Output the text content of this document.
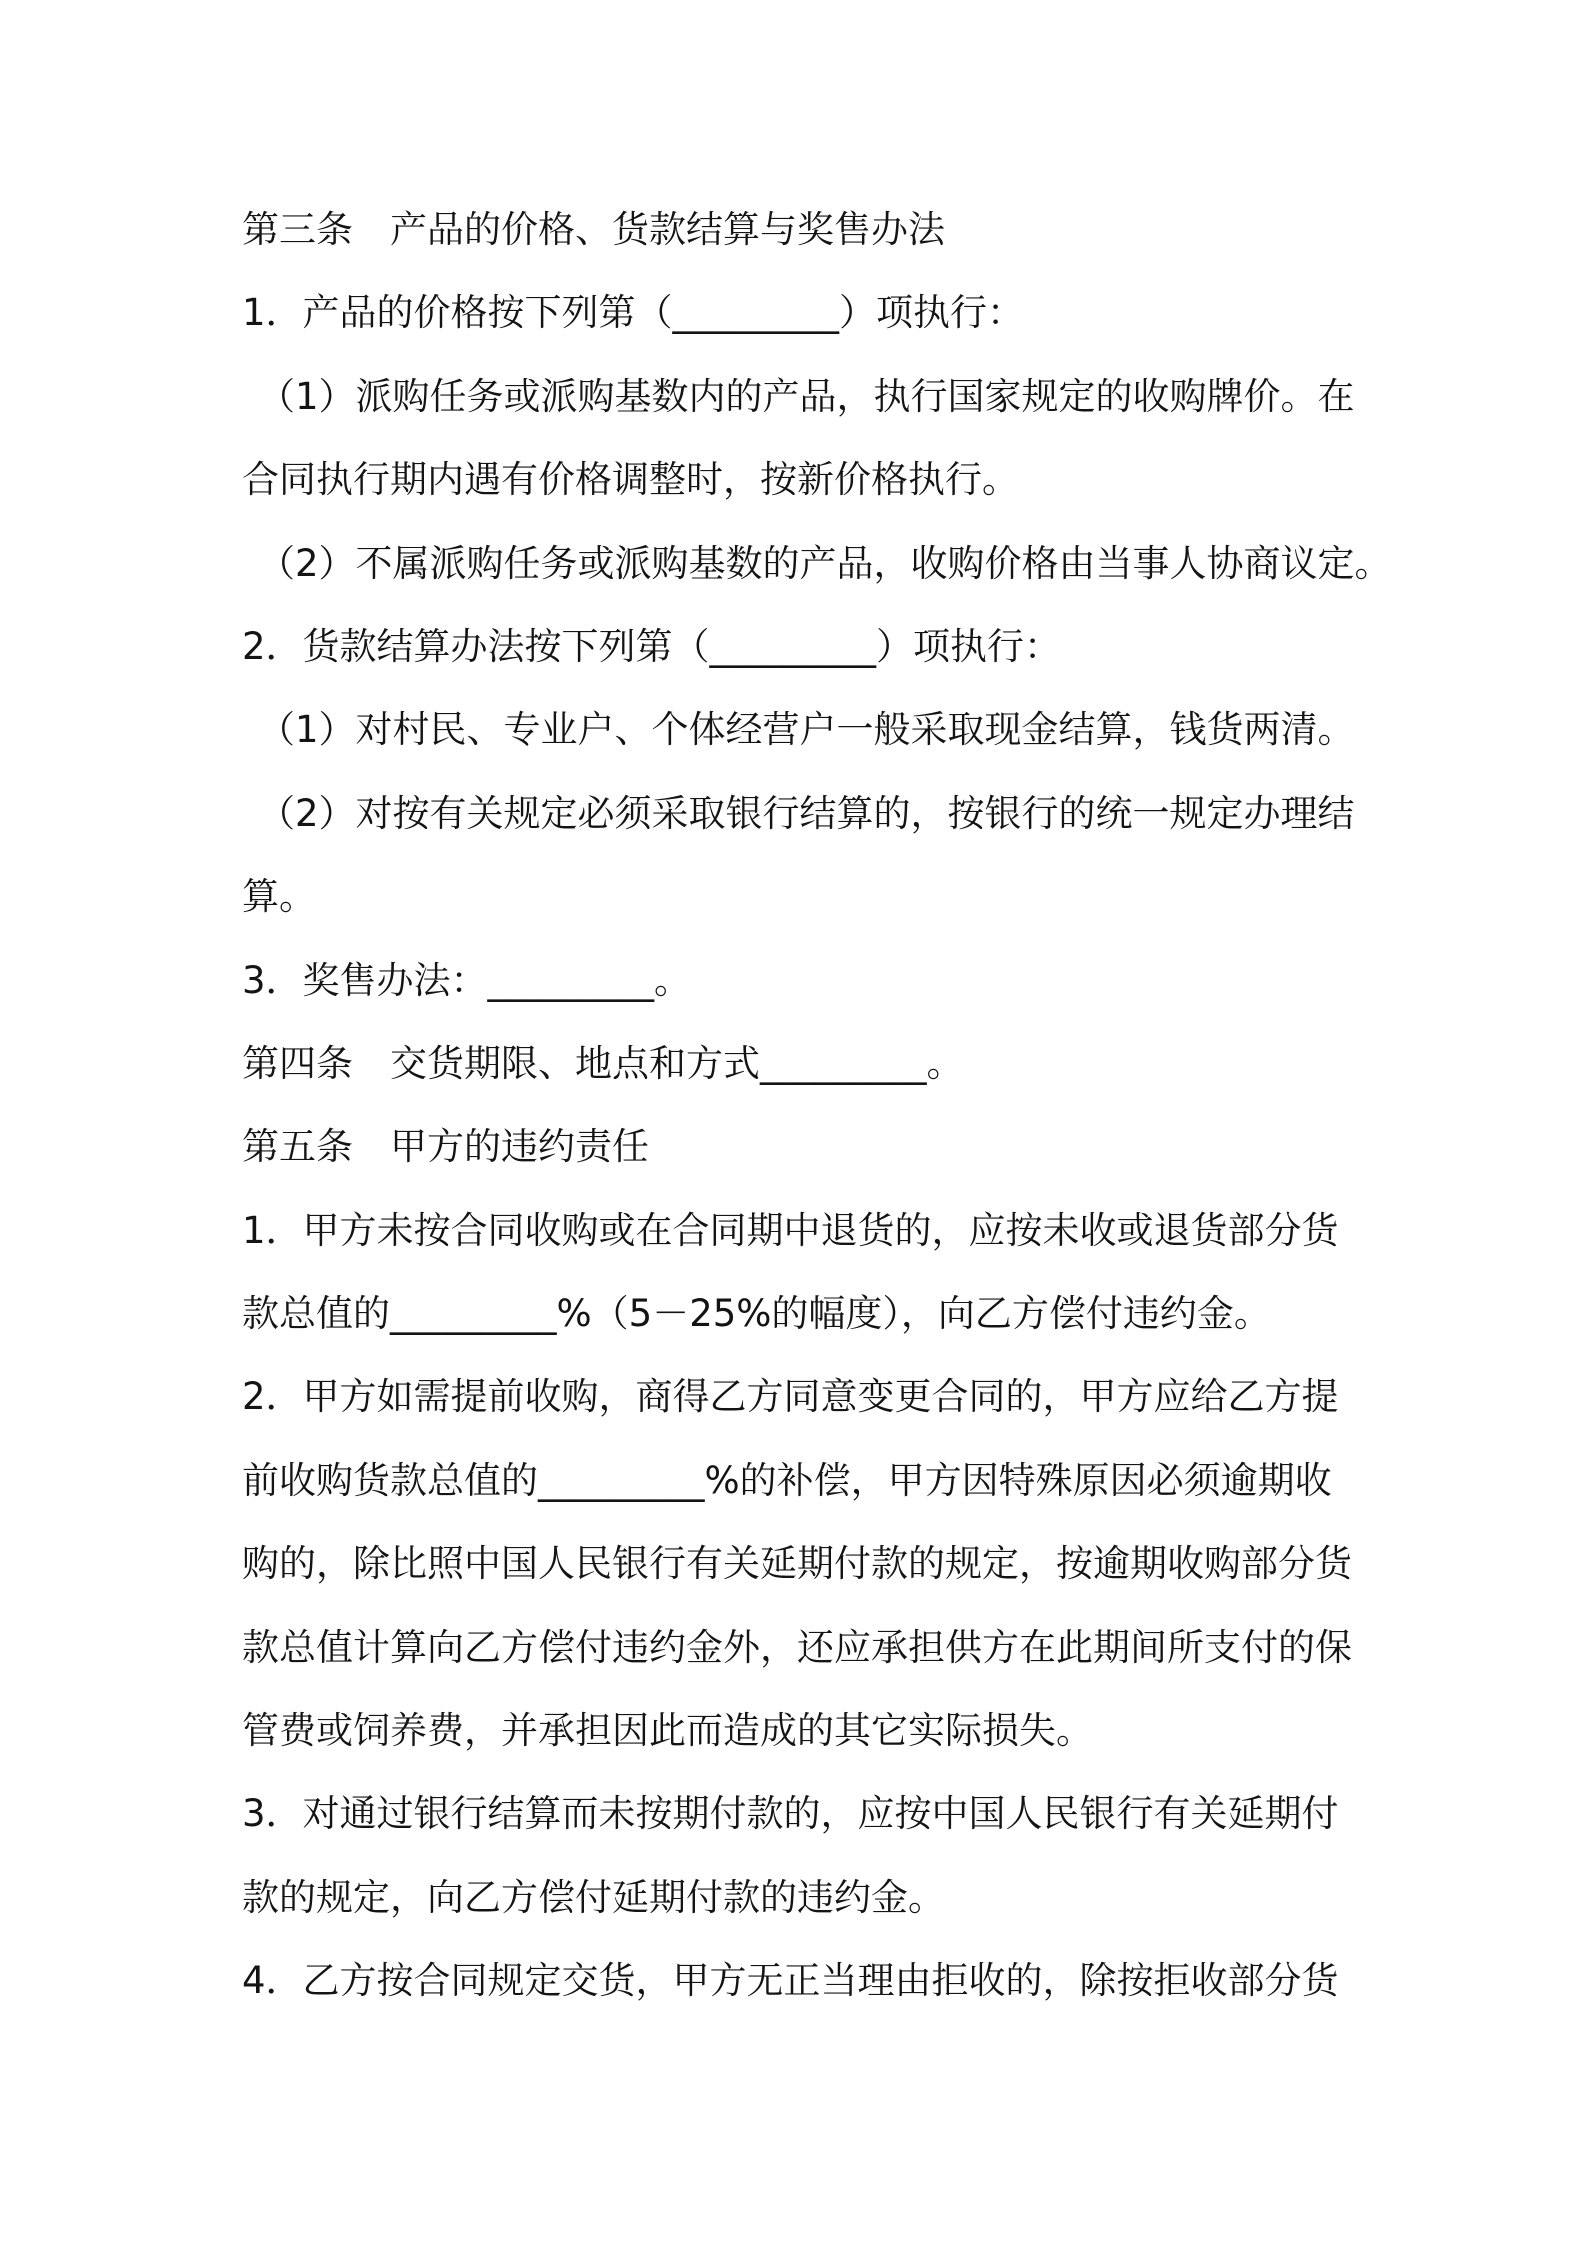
第三条　产品的价格、货款结算与奖售办法
1．产品的价格按下列第（_________）项执行：
（1）派购任务或派购基数内的产品，执行国家规定的收购牌价。在
合同执行期内遇有价格调整时，按新价格执行。
（2）不属派购任务或派购基数的产品，收购价格由当事人协商议定。
2．货款结算办法按下列第（_________）项执行：
（1）对村民、专业户、个体经营户一般采取现金结算，钱货两清。
（2）对按有关规定必须采取银行结算的，按银行的统一规定办理结
算。
3．奖售办法：_________。
第四条　交货期限、地点和方式_________。
第五条　甲方的违约责任
1．甲方未按合同收购或在合同期中退货的，应按未收或退货部分货
款总值的_________%（5－25%的幅度），向乙方偿付违约金。
2．甲方如需提前收购，商得乙方同意变更合同的，甲方应给乙方提
前收购货款总值的_________%的补偿，甲方因特殊原因必须逾期收
购的，除比照中国人民银行有关延期付款的规定，按逾期收购部分货
款总值计算向乙方偿付违约金外，还应承担供方在此期间所支付的保
管费或饲养费，并承担因此而造成的其它实际损失。
3．对通过银行结算而未按期付款的，应按中国人民银行有关延期付
款的规定，向乙方偿付延期付款的违约金。
4．乙方按合同规定交货，甲方无正当理由拒收的，除按拒收部分货
